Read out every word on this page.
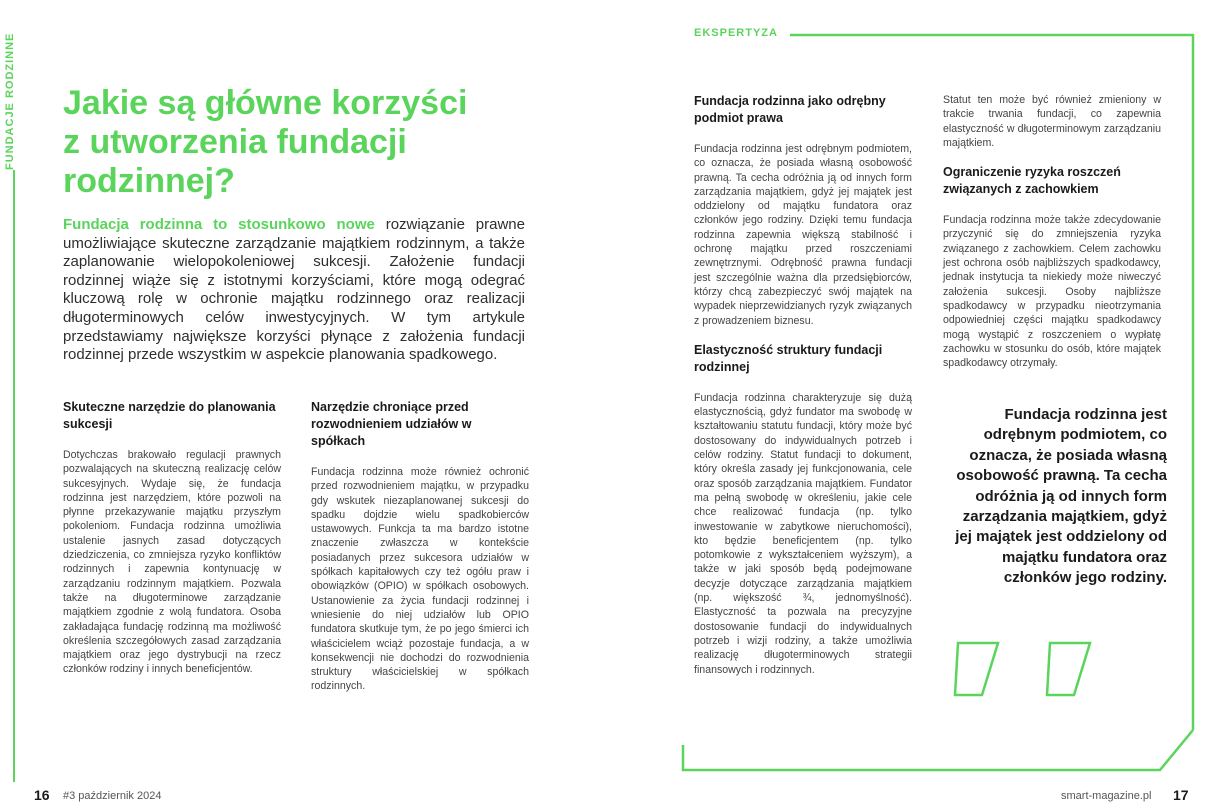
FUNDACJE RODZINNE Jakie są główne korzyści z utworzenia fundacji rodzinnej?
Fundacja rodzinna to stosunkowo nowe rozwiązanie prawne umożliwiające skuteczne zarządzanie majątkiem rodzinnym, a także zaplanowanie wielopokoleniowej sukcesji. Założenie fundacji rodzinnej wiąże się z istotnymi korzyściami, które mogą odegrać kluczową rolę w ochronie majątku rodzinnego oraz realizacji długoterminowych celów inwestycyjnych. W tym artykule przedstawiamy największe korzyści płynące z założenia fundacji rodzinnej przede wszystkim w aspekcie planowania spadkowego.

Skuteczne narzędzie do planowania sukcesji

Dotychczas brakowało regulacji prawnych pozwalających na skuteczną realizację celów sukcesyjnych. Wydaje się, że fundacja rodzinna jest narzędziem, które pozwoli na płynne przekazywanie majątku przyszłym pokoleniom. Fundacja rodzinna umożliwia ustalenie jasnych zasad dotyczących dziedziczenia, co zmniejsza ryzyko konfliktów rodzinnych i zapewnia kontynuację w zarządzaniu rodzinnym majątkiem. Pozwala także na długoterminowe zarządzanie majątkiem zgodnie z wolą fundatora. Osoba zakładająca fundację rodzinną ma możliwość określenia szczegółowych zasad zarządzania majątkiem oraz jego dystrybucji na rzecz członków rodziny i innych beneficjentów.

Narzędzie chroniące przed rozwodnieniem udziałów w spółkach

Fundacja rodzinna może również ochronić przed rozwodnieniem majątku, w przypadku gdy wskutek niezaplanowanej sukcesji do spadku dojdzie wielu spadkobierców ustawowych. Funkcja ta ma bardzo istotne znaczenie zwłaszcza w kontekście posiadanych przez sukcesora udziałów w spółkach kapitałowych czy też ogółu praw i obowiązków (OPIO) w spółkach osobowych. Ustanowienie za życia fundacji rodzinnej i wniesienie do niej udziałów lub OPIO fundatora skutkuje tym, że po jego śmierci ich właścicielem wciąż pozostaje fundacja, a w konsekwencji nie dochodzi do rozwodnienia struktury właścicielskiej w spółkach rodzinnych.

16 #3 październik 2024
EKSPERTYZA

Fundacja rodzinna jako odrębny podmiot prawa

Fundacja rodzinna jest odrębnym podmiotem, co oznacza, że posiada własną osobowość prawną. Ta cecha odróżnia ją od innych form zarządzania majątkiem, gdyż jej majątek jest oddzielony od majątku fundatora oraz członków jego rodziny. Dzięki temu fundacja rodzinna zapewnia większą stabilność i ochronę majątku przed roszczeniami zewnętrznymi. Odrębność prawna fundacji jest szczególnie ważna dla przedsiębiorców, którzy chcą zabezpieczyć swój majątek na wypadek nieprzewidzianych ryzyk związanych z prowadzeniem biznesu.

Elastyczność struktury fundacji rodzinnej

Fundacja rodzinna charakteryzuje się dużą elastycznością, gdyż fundator ma swobodę w kształtowaniu statutu fundacji, który może być dostosowany do indywidualnych potrzeb i celów rodziny. Statut fundacji to dokument, który określa zasady jej funkcjonowania, cele oraz sposób zarządzania majątkiem. Fundator ma pełną swobodę w określeniu, jakie cele chce realizować fundacja (np. tylko inwestowanie w zabytkowe nieruchomości), kto będzie beneficjentem (np. tylko potomkowie z wykształceniem wyższym), a także w jaki sposób będą podejmowane decyzje dotyczące zarządzania majątkiem (np. większość ¾, jednomyślność). Elastyczność ta pozwala na precyzyjne dostosowanie fundacji do indywidualnych potrzeb i wizji rodziny, a także umożliwia realizację długoterminowych strategii finansowych i rodzinnych.

Statut ten może być również zmieniony w trakcie trwania fundacji, co zapewnia elastyczność w długoterminowym zarządzaniu majątkiem.

Ograniczenie ryzyka roszczeń związanych z zachowkiem

Fundacja rodzinna może także zdecydowanie przyczynić się do zmniejszenia ryzyka związanego z zachowkiem. Celem zachowku jest ochrona osób najbliższych spadkodawcy, jednak instytucja ta niekiedy może niweczyć założenia sukcesji. Osoby najbliższe spadkodawcy w przypadku nieotrzymania odpowiedniej części majątku spadkodawcy mogą wystąpić z roszczeniem o wypłatę zachowku w stosunku do osób, które majątek spadkodawcy otrzymały.

Fundacja rodzinna jest odrębnym podmiotem, co oznacza, że posiada własną osobowość prawną. Ta cecha odróżnia ją od innych form zarządzania majątkiem, gdyż jej majątek jest oddzielony od majątku fundatora oraz członków jego rodziny.
smart-magazine.pl 17
